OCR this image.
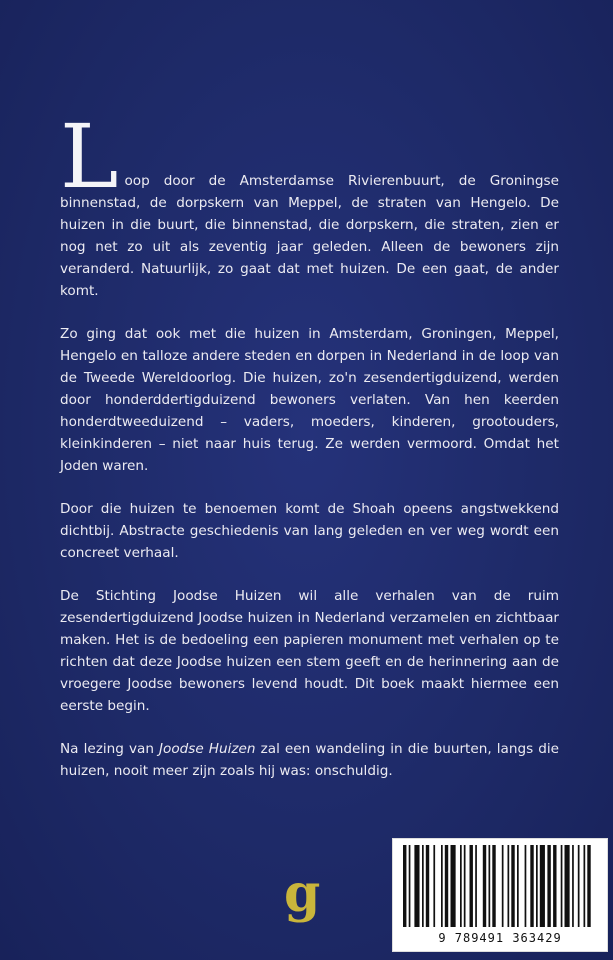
L oop door de Amsterdamse Rivierenbuurt, de Groningse binnenstad, de dorpskern van Meppel, de straten van Hengelo. De huizen in die buurt, die binnenstad, die dorpskern, die straten, zien er nog net zo uit als zeventig jaar geleden. Alleen de bewoners zijn veranderd. Natuurlijk, zo gaat dat met huizen. De een gaat, de ander komt.

Zo ging dat ook met die huizen in Amsterdam, Groningen, Meppel, Hengelo en talloze andere steden en dorpen in Nederland in de loop van de Tweede Wereldoorlog. Die huizen, zo'n zesendertigduizend, werden door honderddertigduizend bewoners verlaten. Van hen keerden honderdtweeduizend – vaders, moeders, kinderen, grootouders, kleinkinderen – niet naar huis terug. Ze werden vermoord. Omdat het Joden waren.

Door die huizen te benoemen komt de Shoah opeens angstwekkend dichtbij. Abstracte geschiedenis van lang geleden en ver weg wordt een concreet verhaal.

De Stichting Joodse Huizen wil alle verhalen van de ruim zesendertigduizend Joodse huizen in Nederland verzamelen en zichtbaar maken. Het is de bedoeling een papieren monument met verhalen op te richten dat deze Joodse huizen een stem geeft en de herinnering aan de vroegere Joodse bewoners levend houdt. Dit boek maakt hiermee een eerste begin.

Na lezing van Joodse Huizen zal een wandeling in die buurten, langs die huizen, nooit meer zijn zoals hij was: onschuldig.

g
9 789491 363429
